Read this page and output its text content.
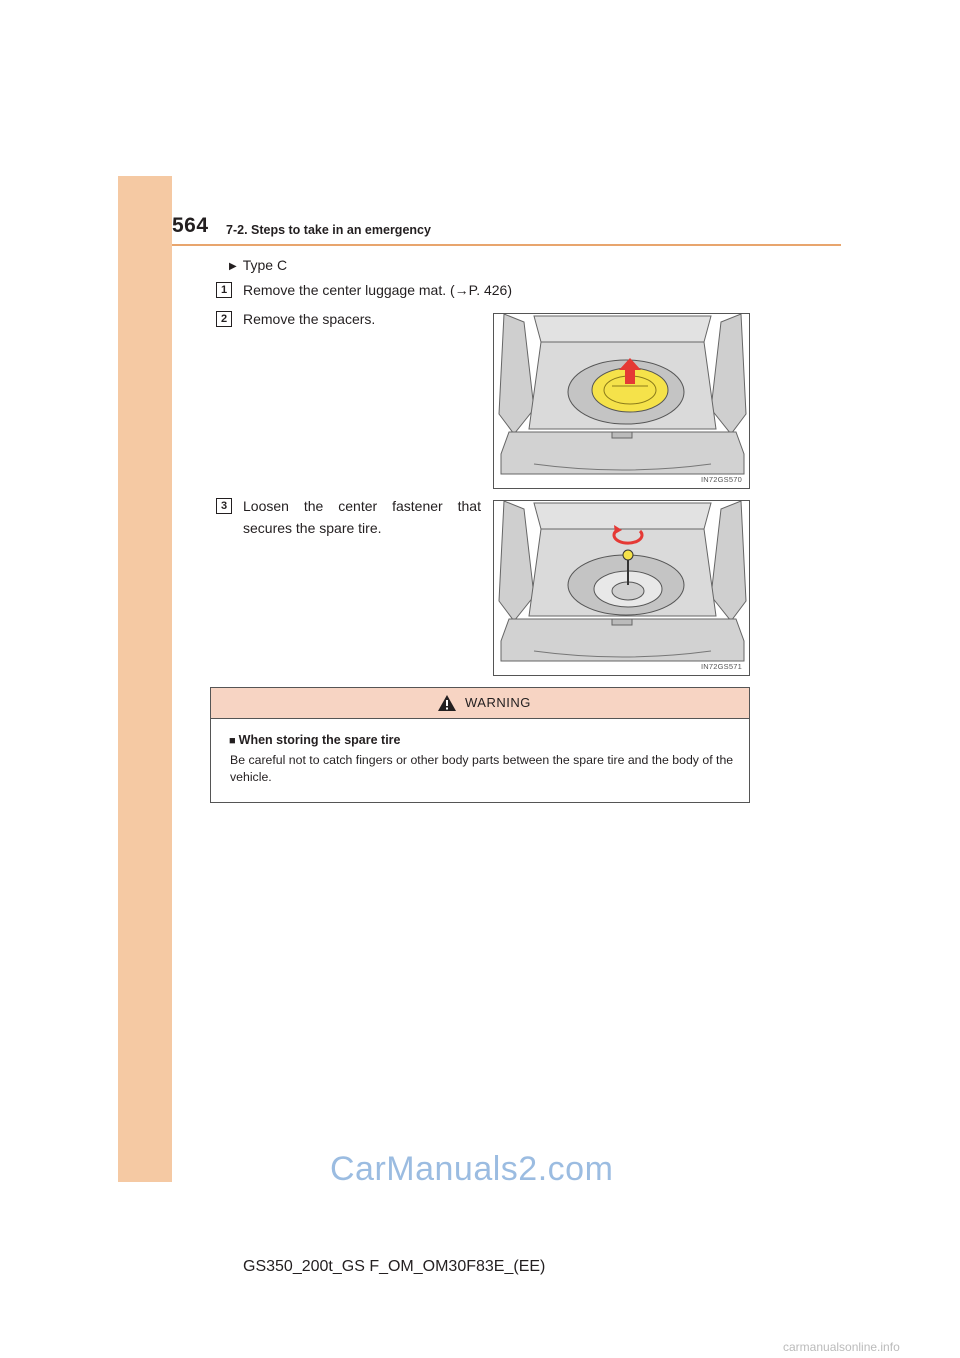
564 7-2. Steps to take in an emergency
▶ Type C
1	Remove the center luggage mat. (→P. 426)
2	Remove the spacers.
3	Loosen the center fastener that secures the spare tire.
IN72GS570
IN72GS571
WARNING
■ When storing the spare tire
Be careful not to catch fingers or other body parts between the spare tire and the body of the vehicle.
CarManuals2.com
GS350_200t_GS F_OM_OM30F83E_(EE)
carmanualsonline.info
